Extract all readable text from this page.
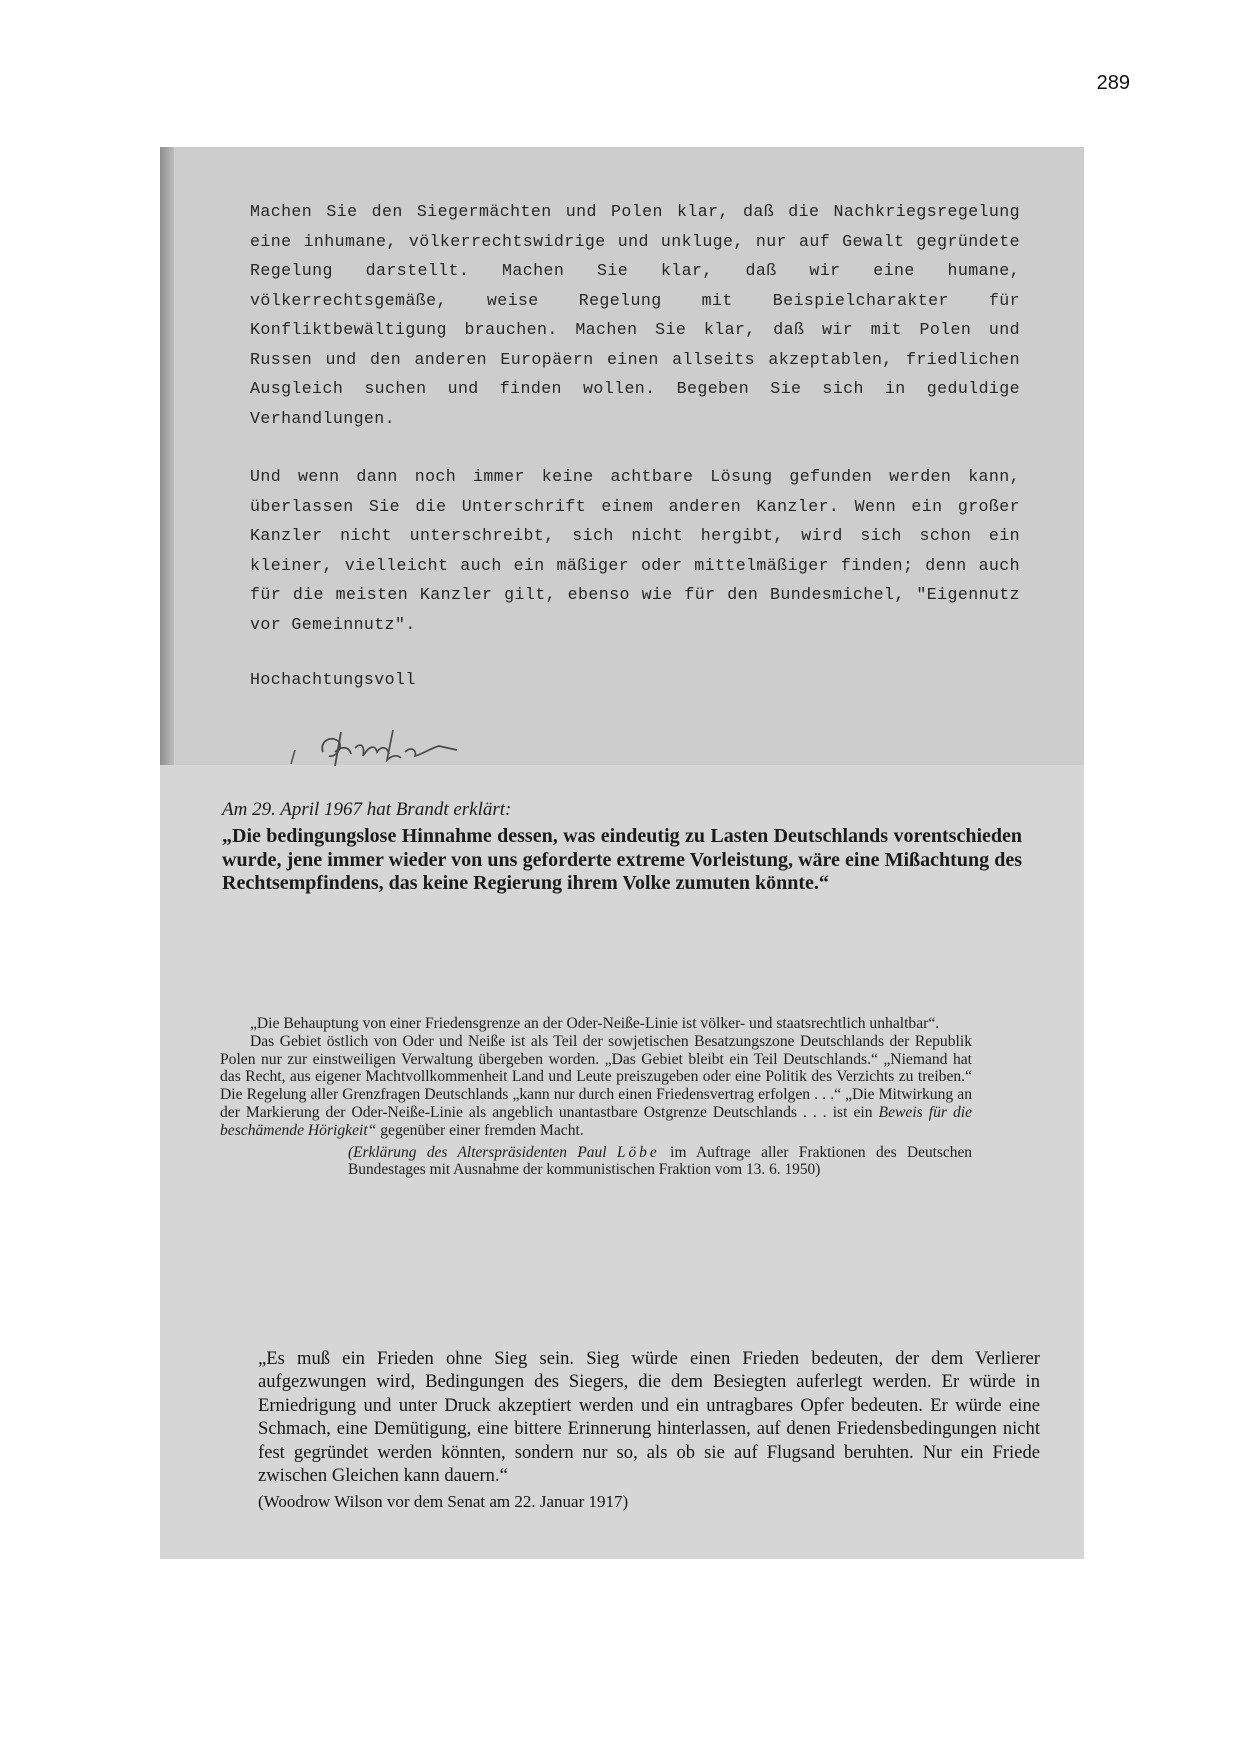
289

Machen Sie den Siegermächten und Polen klar, daß die Nachkriegsregelung eine inhumane, völkerrechtswidrige und unkluge, nur auf Gewalt gegründete Regelung darstellt. Machen Sie klar, daß wir eine humane, völkerrechtsgemäße, weise Regelung mit Beispielcharakter für Konfliktbewältigung brauchen. Machen Sie klar, daß wir mit Polen und Russen und den anderen Europäern einen allseits akzeptablen, friedlichen Ausgleich suchen und finden wollen. Begeben Sie sich in geduldige Verhandlungen.

Und wenn dann noch immer keine achtbare Lösung gefunden werden kann, überlassen Sie die Unterschrift einem anderen Kanzler. Wenn ein großer Kanzler nicht unterschreibt, sich nicht hergibt, wird sich schon ein kleiner, vielleicht auch ein mäßiger oder mittelmäßiger finden; denn auch für die meisten Kanzler gilt, ebenso wie für den Bundesmichel, "Eigennutz vor Gemeinnutz".

Hochachtungsvoll

Am 29. April 1967 hat Brandt erklärt:

„Die bedingungslose Hinnahme dessen, was eindeutig zu Lasten Deutschlands vorentschieden wurde, jene immer wieder von uns geforderte extreme Vorleistung, wäre eine Mißachtung des Rechtsempfindens, das keine Regierung ihrem Volke zumuten könnte.“

„Die Behauptung von einer Friedensgrenze an der Oder-Neiße-Linie ist völker- und staatsrechtlich unhaltbar“.

Das Gebiet östlich von Oder und Neiße ist als Teil der sowjetischen Besatzungszone Deutschlands der Republik Polen nur zur einstweiligen Verwaltung übergeben worden. „Das Gebiet bleibt ein Teil Deutschlands.“ „Niemand hat das Recht, aus eigener Machtvollkommenheit Land und Leute preiszugeben oder eine Politik des Verzichts zu treiben.“ Die Regelung aller Grenzfragen Deutschlands „kann nur durch einen Friedensvertrag erfolgen . . .“ „Die Mitwirkung an der Markierung der Oder-Neiße-Linie als angeblich unantastbare Ostgrenze Deutschlands . . . ist ein Beweis für die beschämende Hörigkeit“ gegenüber einer fremden Macht.

(Erklärung des Alterspräsidenten Paul Löbe im Auftrage aller Fraktionen des Deutschen Bundestages mit Ausnahme der kommunistischen Fraktion vom 13. 6. 1950)

„Es muß ein Frieden ohne Sieg sein. Sieg würde einen Frieden bedeuten, der dem Verlierer aufgezwungen wird, Bedingungen des Siegers, die dem Besiegten auferlegt werden. Er würde in Erniedrigung und unter Druck akzeptiert werden und ein untragbares Opfer bedeuten. Er würde eine Schmach, eine Demütigung, eine bittere Erinnerung hinterlassen, auf denen Friedensbedingungen nicht fest gegründet werden könnten, sondern nur so, als ob sie auf Flugsand beruhten. Nur ein Friede zwischen Gleichen kann dauern.“

(Woodrow Wilson vor dem Senat am 22. Januar 1917)
